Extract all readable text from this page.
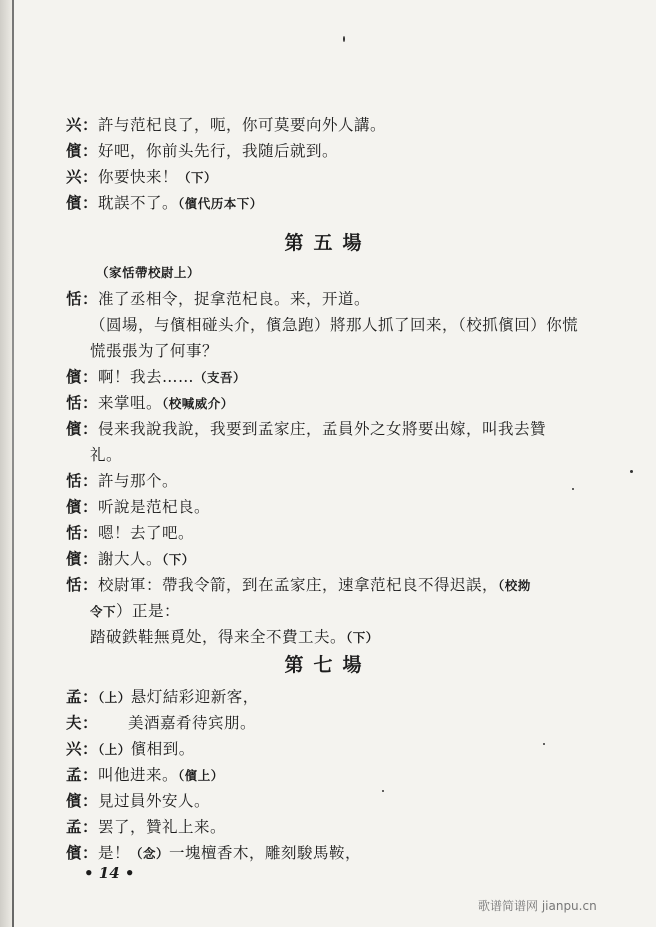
兴：許与范杞良了，呃，你可莫要向外人講。
儐：好吧，你前头先行，我随后就到。
兴：你要快来！（下）
儐：耽誤不了。（儐代历本下）
第五場
（家恬帶校尉上）
恬：准了丞相令，捉拿范杞良。来，开道。
（圆場，与儐相碰头介，儐急跑）將那人抓了回来，（校抓儐回）你慌
慌張張为了何事？
儐：啊！我去……（支吾）
恬：来掌咀。（校喊威介）
儐：侵来我說我說，我要到孟家庄，孟員外之女將要出嫁，叫我去贊
礼。
恬：許与那个。
儐：听說是范杞良。
恬：嗯！去了吧。
儐：謝大人。（下）
恬：校尉軍：帶我令箭，到在孟家庄，速拿范杞良不得迟誤，（校拗
令下）正是：
踏破鉄鞋無覓处，得来全不費工夫。（下）
第七場
孟：（上）悬灯結彩迎新客，
夫： 美酒嘉肴待宾朋。
兴：（上）儐相到。
孟：叫他进来。（儐上）
儐：見过員外安人。
孟：罢了，贊礼上来。
儐：是！（念）一塊檀香木，雕刻駿馬鞍，
• 14 •
歌谱简谱网 jianpu.cn
